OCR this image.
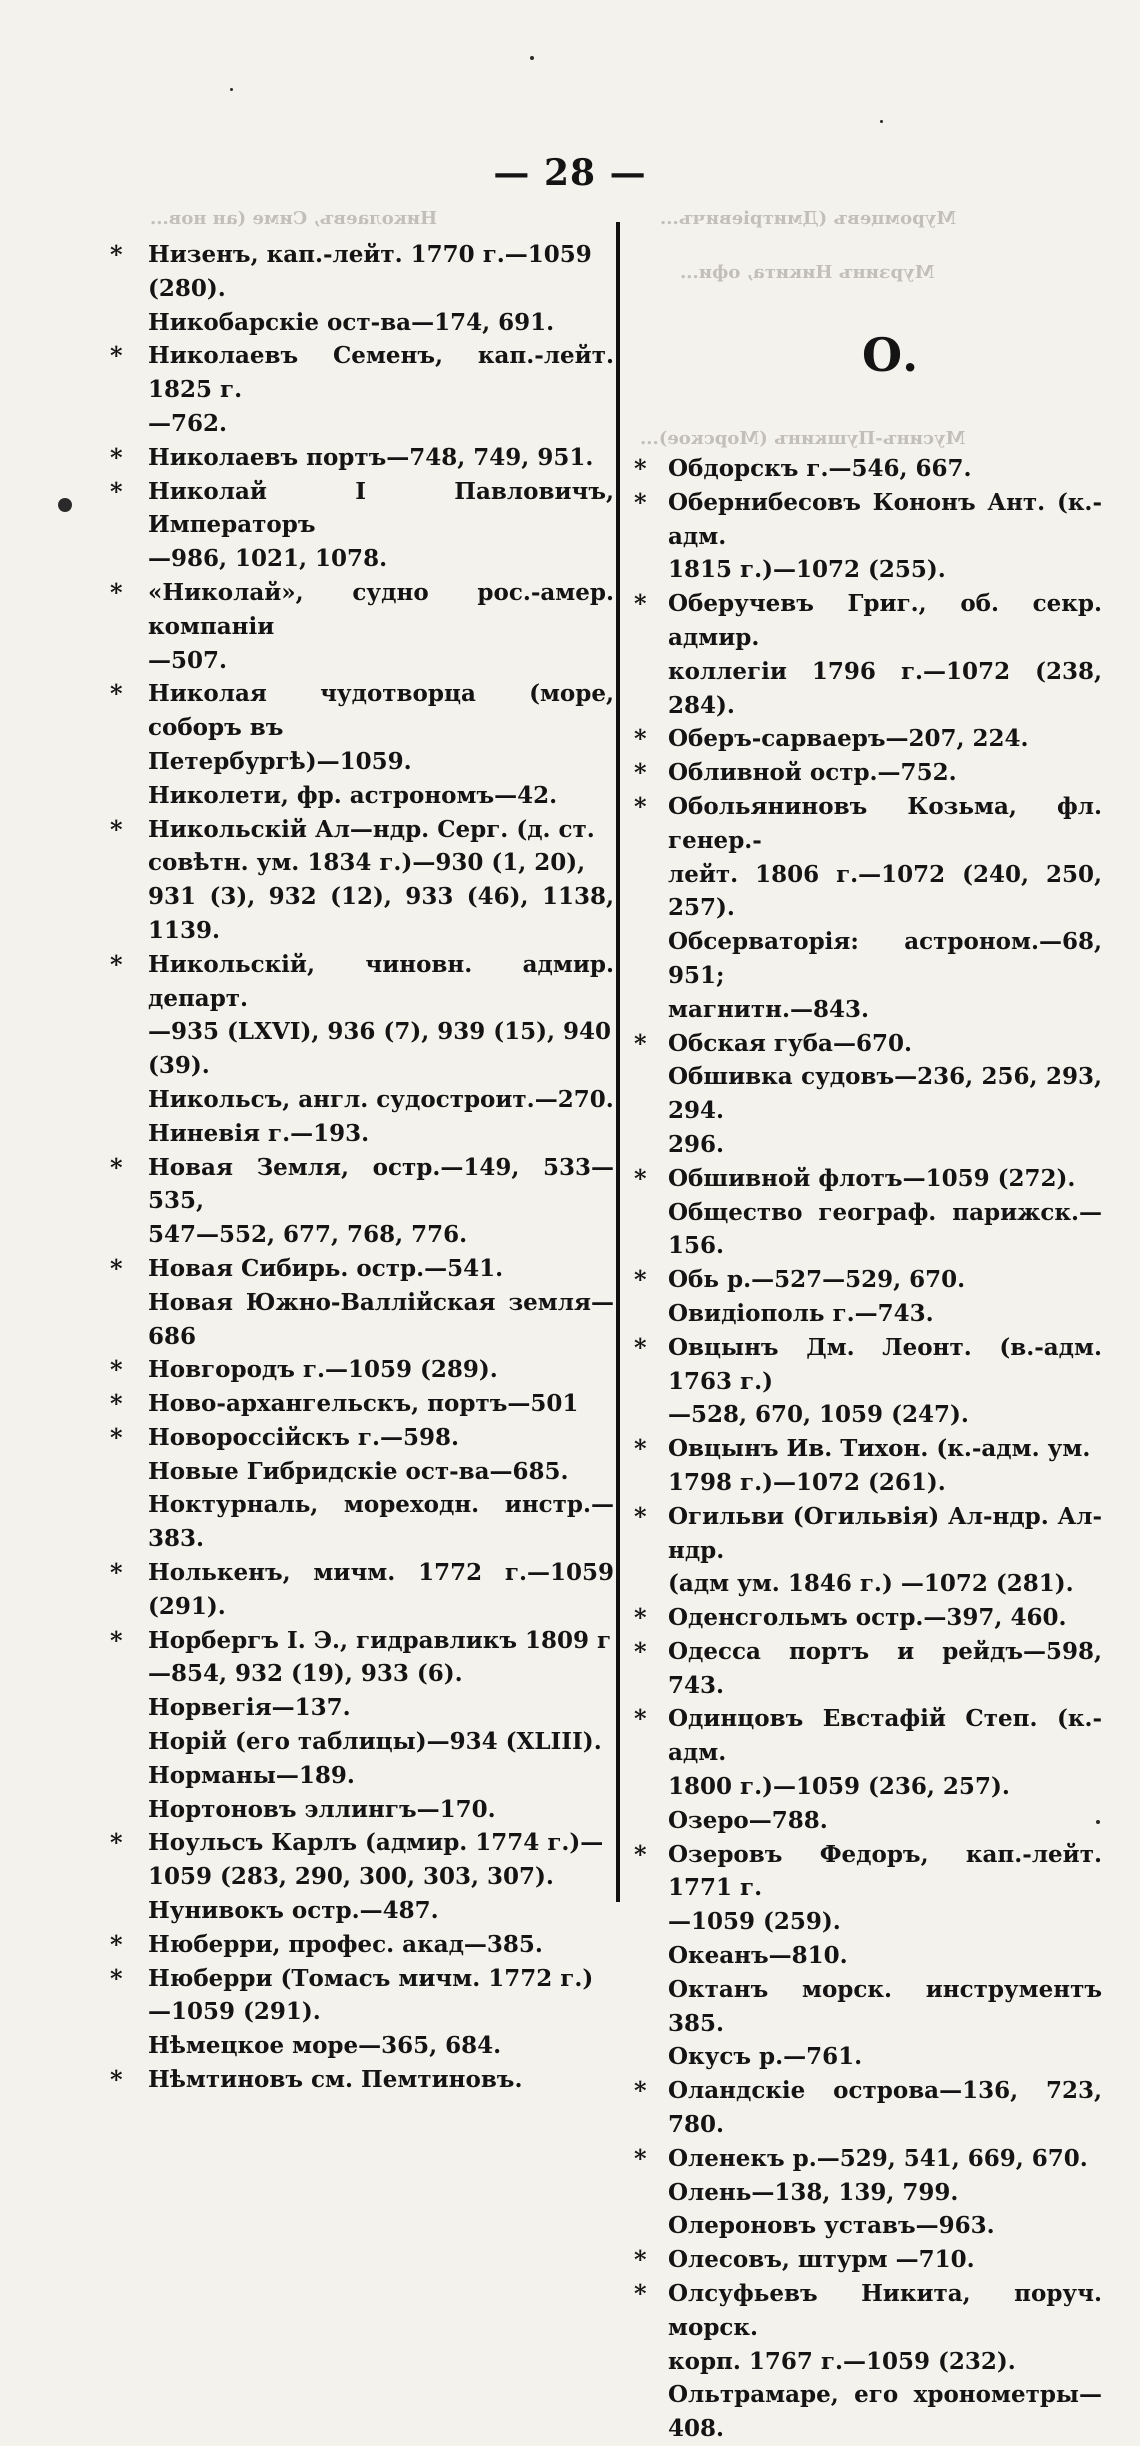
Николаевъ, Симе (ан нов...	Муромцевъ (Дмитріевичъ...
Мурзинъ Никита, офи...
Мусинъ-Пушкинъ (Морское)...
— 28 —
*	Низенъ, кап.-лейт. 1770 г.—1059
(280).
Никобарскіе ост-ва—174, 691.
*	Николаевъ Семенъ, кап.-лейт. 1825 г.
—762.
*	Николаевъ портъ—748, 749, 951.
*	Николай I Павловичъ, Императоръ
—986, 1021, 1078.
*	«Николай», судно рос.-амер. компаніи
—507.
*	Николая чудотворца (море, соборъ въ
Петербургѣ)—1059.
Николети, фр. астрономъ—42.
*	Никольскій Ал—ндр. Серг. (д. ст.
совѣтн. ум. 1834 г.)—930 (1, 20),
931 (3), 932 (12), 933 (46), 1138, 1139.
*	Никольскій, чиновн. адмир. департ.
—935 (LXVI), 936 (7), 939 (15), 940
(39).
Никольсъ, англ. судостроит.—270.
Ниневія г.—193.
*	Новая Земля, остр.—149, 533—535,
547—552, 677, 768, 776.
*	Новая Сибирь. остр.—541.
Новая Южно-Валлійская земля—686
*	Новгородъ г.—1059 (289).
*	Ново-архангельскъ, портъ—501
*	Новороссійскъ г.—598.
Новые Гибридскіе ост-ва—685.
Ноктурналь, мореходн. инстр.—383.
*	Нолькенъ, мичм. 1772 г.—1059 (291).
*	Норбергъ І. Э., гидравликъ 1809 г
—854, 932 (19), 933 (6).
Норвегія—137.
Норій (его таблицы)—934 (XLIII).
Норманы—189.
Нортоновъ эллингъ—170.
*	Ноульсъ Карлъ (адмир. 1774 г.)—
1059 (283, 290, 300, 303, 307).
Нунивокъ остр.—487.
*	Нюберри, профес. акад—385.
*	Нюберри (Томасъ мичм. 1772 г.)
—1059 (291).
Нѣмецкое море—365, 684.
*	Нѣмтиновъ см. Пемтиновъ.
О.
* Обдорскъ г.—546, 667.
* Обернибесовъ Кононъ Ант. (к.-адм.
1815 г.)—1072 (255).
* Оберучевъ Григ., об. секр. адмир.
коллегіи 1796 г.—1072 (238, 284).
* Оберъ-сарваеръ—207, 224.
* Обливной остр.—752.
* Обольяниновъ Козьма, фл. генер.-
лейт. 1806 г.—1072 (240, 250, 257).
Обсерваторія: астроном.—68, 951;
магнитн.—843.
* Обская губа—670.
Обшивка судовъ—236, 256, 293, 294.
296.
* Обшивной флотъ—1059 (272).
Общество географ. парижск.—156.
* Обь р.—527—529, 670.
Овидіополь г.—743.
* Овцынъ Дм. Леонт. (в.-адм. 1763 г.)
—528, 670, 1059 (247).
* Овцынъ Ив. Тихон. (к.-адм. ум.
1798 г.)—1072 (261).
* Огильви (Огильвія) Ал-ндр. Ал-ндр.
(адм ум. 1846 г.) —1072 (281).
* Оденсгольмъ остр.—397, 460.
* Одесса портъ и рейдъ—598, 743.
* Одинцовъ Евстафій Степ. (к.-адм.
1800 г.)—1059 (236, 257).
Озеро—788.
* Озеровъ Федоръ, кап.-лейт. 1771 г.
—1059 (259).
Океанъ—810.
Октанъ морск. инструментъ 385.
Окусъ р.—761.
* Оландскіе острова—136, 723, 780.
* Оленекъ р.—529, 541, 669, 670.
Олень—138, 139, 799.
Олероновъ уставъ—963.
* Олесовъ, штурм —710.
* Олсуфьевъ Никита, поруч. морск.
корп. 1767 г.—1059 (232).
Ольтрамаре, его хронометры—408.
